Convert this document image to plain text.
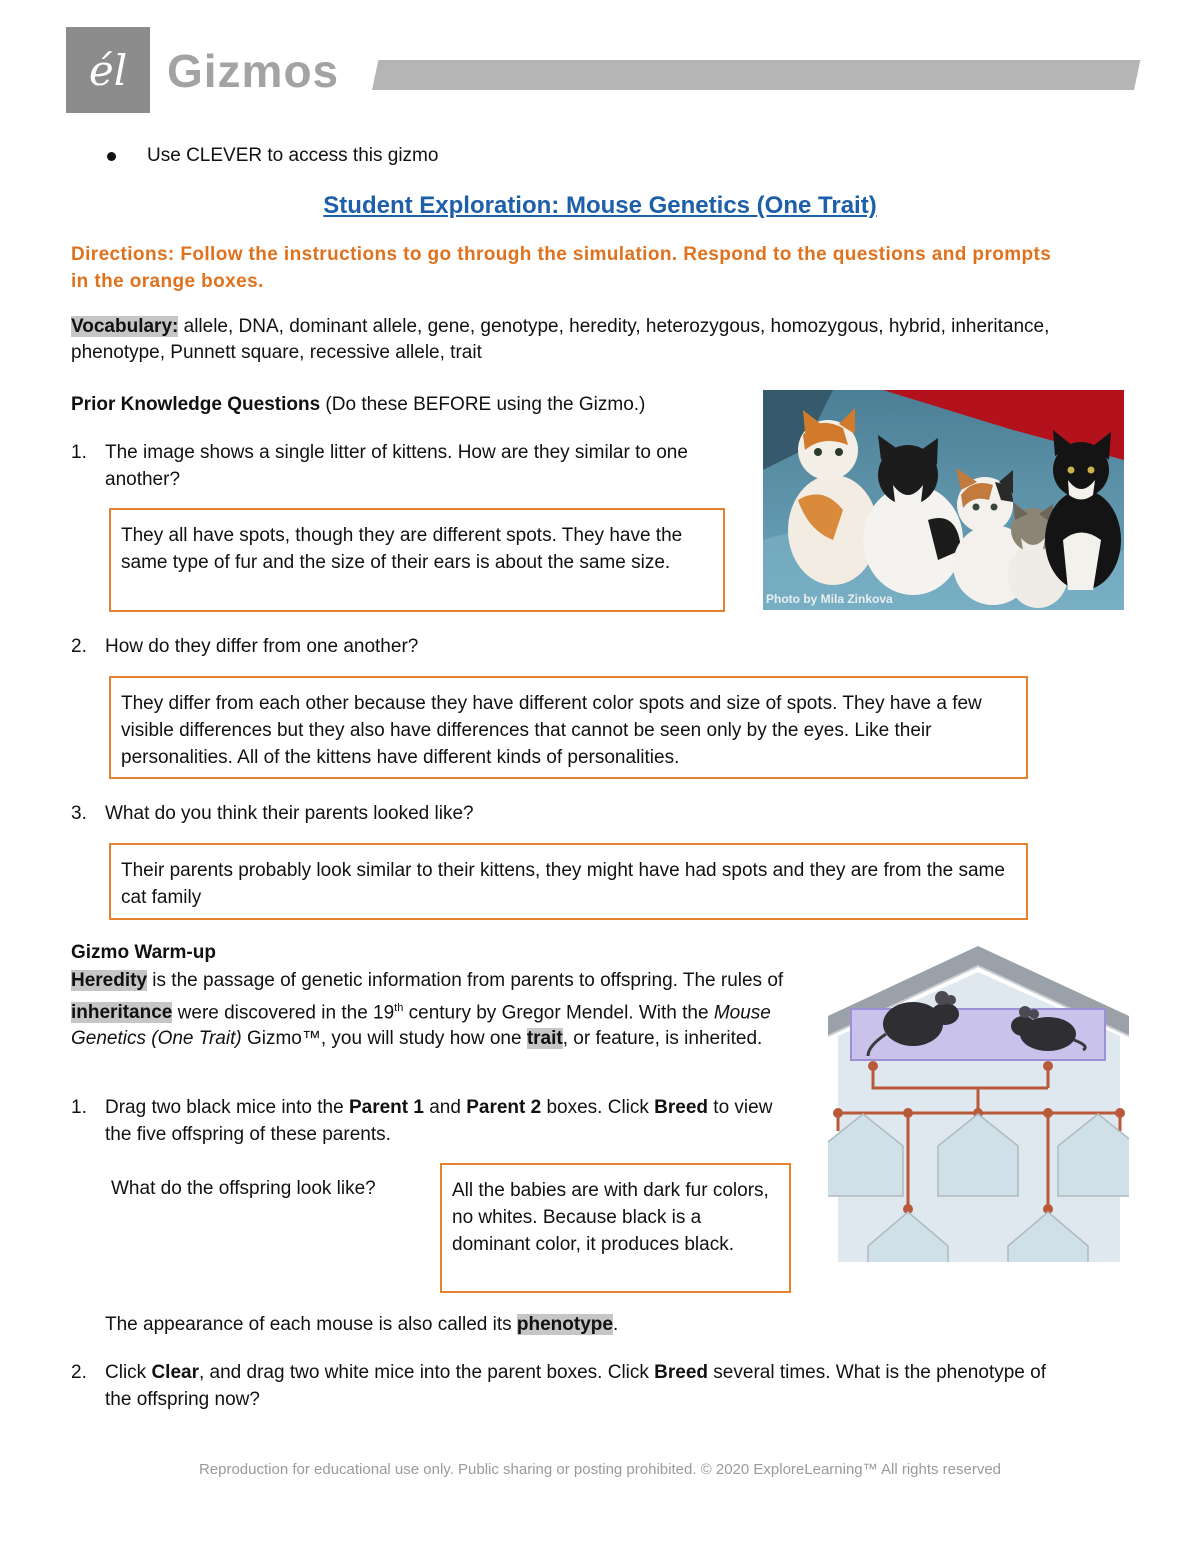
él Gizmos
Use CLEVER to access this gizmo
Student Exploration: Mouse Genetics (One Trait)
Directions: Follow the instructions to go through the simulation. Respond to the questions and prompts in the orange boxes.
Vocabulary: allele, DNA, dominant allele, gene, genotype, heredity, heterozygous, homozygous, hybrid, inheritance, phenotype, Punnett square, recessive allele, trait
Prior Knowledge Questions (Do these BEFORE using the Gizmo.)
1. The image shows a single litter of kittens. How are they similar to one another?
They all have spots, though they are different spots. They have the same type of fur and the size of their ears is about the same size.
Photo by Mila Zinkova
2. How do they differ from one another?
They differ from each other because they have different color spots and size of spots. They have a few visible differences but they also have differences that cannot be seen only by the eyes. Like their personalities. All of the kittens have different kinds of personalities.
3. What do you think their parents looked like?
Their parents probably look similar to their kittens, they might have had spots and they are from the same cat family
Gizmo Warm-up
Heredity is the passage of genetic information from parents to offspring. The rules of inheritance were discovered in the 19th century by Gregor Mendel. With the Mouse Genetics (One Trait) Gizmo™, you will study how one trait, or feature, is inherited.
1. Drag two black mice into the Parent 1 and Parent 2 boxes. Click Breed to view the five offspring of these parents.
What do the offspring look like?	All the babies are with dark fur colors, no whites. Because black is a dominant color, it produces black.
The appearance of each mouse is also called its phenotype.
2. Click Clear, and drag two white mice into the parent boxes. Click Breed several times. What is the phenotype of the offspring now?
Reproduction for educational use only. Public sharing or posting prohibited. © 2020 ExploreLearning™ All rights reserved
